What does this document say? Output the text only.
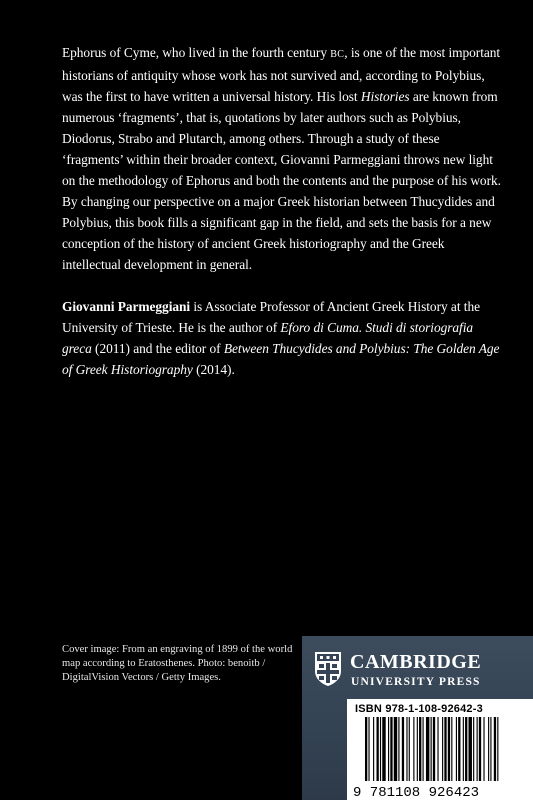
Ephorus of Cyme, who lived in the fourth century BC, is one of the most important historians of antiquity whose work has not survived and, according to Polybius, was the first to have written a universal history. His lost Histories are known from numerous ‘fragments’, that is, quotations by later authors such as Polybius, Diodorus, Strabo and Plutarch, among others. Through a study of these ‘fragments’ within their broader context, Giovanni Parmeggiani throws new light on the methodology of Ephorus and both the contents and the purpose of his work. By changing our perspective on a major Greek historian between Thucydides and Polybius, this book fills a significant gap in the field, and sets the basis for a new conception of the history of ancient Greek historiography and the Greek intellectual development in general.

Giovanni Parmeggiani is Associate Professor of Ancient Greek History at the University of Trieste. He is the author of Eforo di Cuma. Studi di storiografia greca (2011) and the editor of Between Thucydides and Polybius: The Golden Age of Greek Historiography (2014).

Cover image: From an engraving of 1899 of the world map according to Eratosthenes. Photo: benoitb / DigitalVision Vectors / Getty Images.
CAMBRIDGE
UNIVERSITY PRESS
ISBN 978-1-108-92642-3
9 781108 926423
